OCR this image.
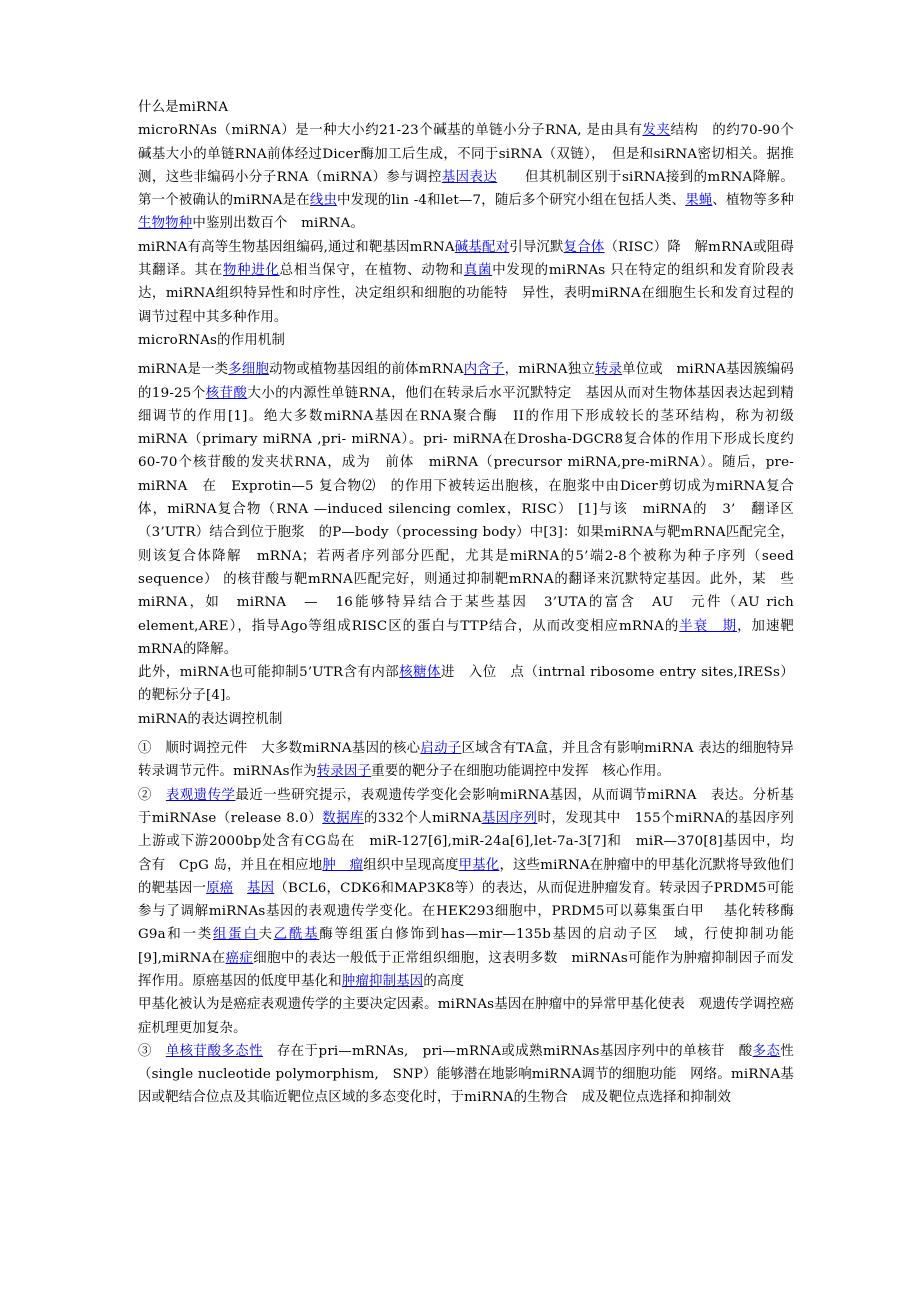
什么是miRNA

microRNAs（miRNA）是一种大小约21-23个碱基的单链小分子RNA, 是由具有发夹结构　的约70-90个碱基大小的单链RNA前体经过Dicer酶加工后生成，不同于siRNA（双链），　但是和siRNA密切相关。据推测，这些非编码小分子RNA（miRNA）参与调控基因表达　　但其机制区别于siRNA接到的mRNA降解。第一个被确认的miRNA是在线虫中发现的lin -4和let—7，随后多个研究小组在包括人类、果蝇、植物等多种生物物种中鉴别出数百个　miRNA。

miRNA有高等生物基因组编码,通过和靶基因mRNA碱基配对引导沉默复合体（RISC）降　解mRNA或阻碍其翻译。其在物种进化总相当保守，在植物、动物和真菌中发现的miRNAs 只在特定的组织和发育阶段表达，miRNA组织特异性和时序性，决定组织和细胞的功能特　异性，表明miRNA在细胞生长和发育过程的调节过程中其多种作用。

microRNAs的作用机制

miRNA是一类多细胞动物或植物基因组的前体mRNA内含子，miRNA独立转录单位或　miRNA基因簇编码的19-25个核苷酸大小的内源性单链RNA，他们在转录后水平沉默特定　基因从而对生物体基因表达起到精细调节的作用[1]。绝大多数miRNA基因在RNA聚合酶　II的作用下形成较长的茎环结构，称为初级　miRNA（primary miRNA ,pri- miRNA）。pri- miRNA在Drosha-DGCR8复合体的作用下形成长度约60-70个核苷酸的发夹状RNA，成为　前体　miRNA（precursor miRNA,pre-miRNA）。随后，pre- miRNA　在　Exprotin—5 复合物⑵　的作用下被转运出胞核，在胞浆中由Dicer剪切成为miRNA复合体，miRNA复合物（RNA —induced silencing comlex，RISC） [1]与该　miRNA的　3’　翻译区（3’UTR）结合到位于胞浆　的P—body（processing body）中[3]：如果miRNA与靶mRNA匹配完全，则该复合体降解　mRNA；若两者序列部分匹配，尤其是miRNA的5’端2-8个被称为种子序列（seed sequence） 的核苷酸与靶mRNA匹配完好，则通过抑制靶mRNA的翻译来沉默特定基因。此外，某　些　miRNA，如　miRNA　—　16能够特异结合于某些基因　3’UTA的富含　AU　元件（AU rich element,ARE），指导Ago等组成RISC区的蛋白与TTP结合，从而改变相应mRNA的半衰　期，加速靶mRNA的降解。

此外，miRNA也可能抑制5’UTR含有内部核糖体进　入位　点（intrnal ribosome entry sites,IRESs）的靶标分子[4]。

miRNA的表达调控机制

①　顺时调控元件　大多数miRNA基因的核心启动子区域含有TA盒，并且含有影响miRNA 表达的细胞特异转录调节元件。miRNAs作为转录因子重要的靶分子在细胞功能调控中发挥　核心作用。

②　表观遗传学最近一些研究提示，表观遗传学变化会影响miRNA基因，从而调节miRNA　表达。分析基于miRNAse（release 8.0）数据库的332个人miRNA基因序列时，发现其中　155个miRNA的基因序列上游或下游2000bp处含有CG岛在　miR-127[6],miR-24a[6],let-7a-3[7]和　miR—370[8]基因中，均含有　CpG 岛，并且在相应地肿　瘤组织中呈现高度甲基化，这些miRNA在肿瘤中的甲基化沉默将导致他们的靶基因一原癌　 基因（BCL6，CDK6和MAP3K8等）的表达，从而促进肿瘤发育。转录因子PRDM5可能　参与了调解miRNAs基因的表观遗传学变化。在HEK293细胞中，PRDM5可以募集蛋白甲　 基化转移酶G9a和一类组蛋白夫乙酰基酶等组蛋白修饰到has—mir—135b基因的启动子区　域，行使抑制功能[9],miRNA在癌症细胞中的表达一般低于正常组织细胞，这表明多数　miRNAs可能作为肿瘤抑制因子而发挥作用。原癌基因的低度甲基化和肿瘤抑制基因的高度

甲基化被认为是癌症表观遗传学的主要决定因素。miRNAs基因在肿瘤中的异常甲基化使表　观遗传学调控癌症机理更加复杂。

③　单核苷酸多态性　存在于pri—mRNAs,　pri—mRNA或成熟miRNAs基因序列中的单核苷　酸多态性（single nucleotide polymorphism,　SNP）能够潜在地影响miRNA调节的细胞功能　网络。miRNA基因或靶结合位点及其临近靶位点区域的多态变化时，于miRNA的生物合　成及靶位点选择和抑制效
